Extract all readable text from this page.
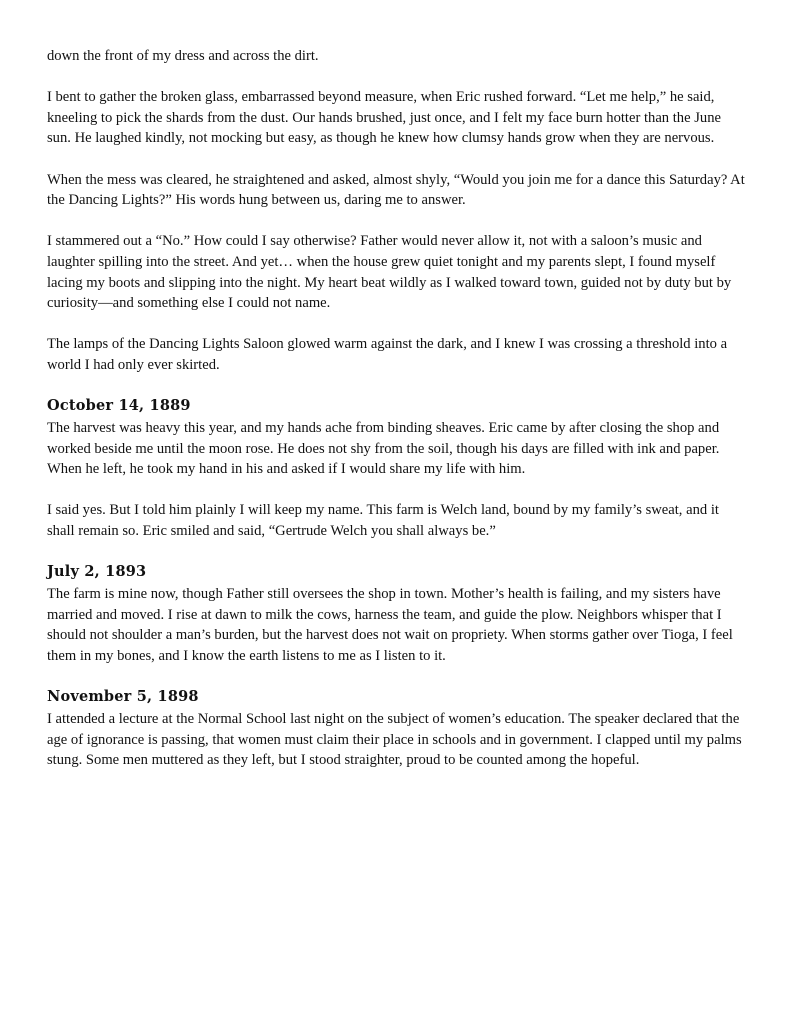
down the front of my dress and across the dirt.

I bent to gather the broken glass, embarrassed beyond measure, when Eric rushed forward. “Let me help,” he said, kneeling to pick the shards from the dust. Our hands brushed, just once, and I felt my face burn hotter than the June sun. He laughed kindly, not mocking but easy, as though he knew how clumsy hands grow when they are nervous.

When the mess was cleared, he straightened and asked, almost shyly, “Would you join me for a dance this Saturday? At the Dancing Lights?” His words hung between us, daring me to answer.

I stammered out a “No.” How could I say otherwise? Father would never allow it, not with a saloon’s music and laughter spilling into the street. And yet… when the house grew quiet tonight and my parents slept, I found myself lacing my boots and slipping into the night. My heart beat wildly as I walked toward town, guided not by duty but by curiosity—and something else I could not name.

The lamps of the Dancing Lights Saloon glowed warm against the dark, and I knew I was crossing a threshold into a world I had only ever skirted.

October 14, 1889

The harvest was heavy this year, and my hands ache from binding sheaves. Eric came by after closing the shop and worked beside me until the moon rose. He does not shy from the soil, though his days are filled with ink and paper. When he left, he took my hand in his and asked if I would share my life with him.

I said yes. But I told him plainly I will keep my name. This farm is Welch land, bound by my family’s sweat, and it shall remain so. Eric smiled and said, “Gertrude Welch you shall always be.”

July 2, 1893

The farm is mine now, though Father still oversees the shop in town. Mother’s health is failing, and my sisters have married and moved. I rise at dawn to milk the cows, harness the team, and guide the plow. Neighbors whisper that I should not shoulder a man’s burden, but the harvest does not wait on propriety. When storms gather over Tioga, I feel them in my bones, and I know the earth listens to me as I listen to it.

November 5, 1898

I attended a lecture at the Normal School last night on the subject of women’s education. The speaker declared that the age of ignorance is passing, that women must claim their place in schools and in government. I clapped until my palms stung. Some men muttered as they left, but I stood straighter, proud to be counted among the hopeful.
